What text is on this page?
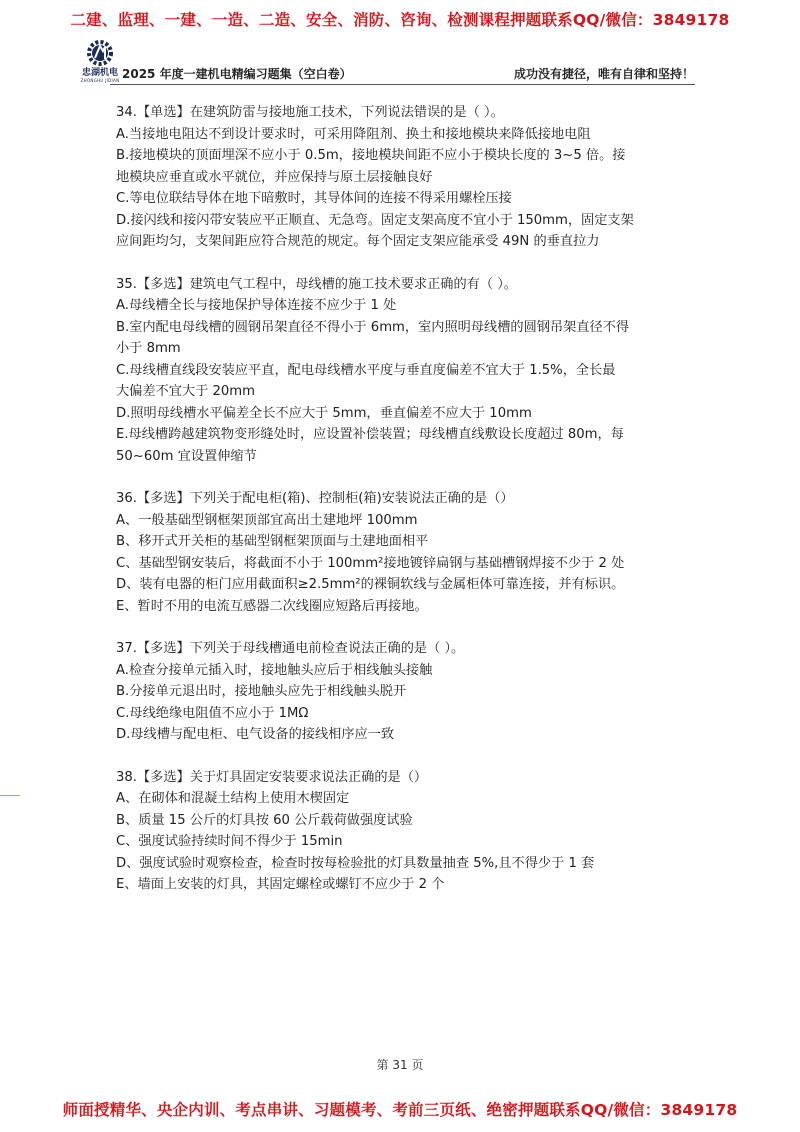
二建、监理、一建、一造、二造、安全、消防、咨询、检测课程押题联系QQ/微信：3849178
忠湖机电
ZHONGHU JIDIAN 2025 年度一建机电精编习题集（空白卷）	成功没有捷径，唯有自律和坚持！
34.【单选】在建筑防雷与接地施工技术，下列说法错误的是（ ）。
A.当接地电阻达不到设计要求时，可采用降阻剂、换土和接地模块来降低接地电阻
B.接地模块的顶面埋深不应小于 0.5m，接地模块间距不应小于模块长度的 3~5 倍。接
地模块应垂直或水平就位，并应保持与原土层接触良好
C.等电位联结导体在地下暗敷时，其导体间的连接不得采用螺栓压接
D.接闪线和接闪带安装应平正顺直、无急弯。固定支架高度不宜小于 150mm，固定支架
应间距均匀，支架间距应符合规范的规定。每个固定支架应能承受 49N 的垂直拉力
35.【多选】建筑电气工程中，母线槽的施工技术要求正确的有（ ）。
A.母线槽全长与接地保护导体连接不应少于 1 处
B.室内配电母线槽的圆钢吊架直径不得小于 6mm，室内照明母线槽的圆钢吊架直径不得
小于 8mm
C.母线槽直线段安装应平直，配电母线槽水平度与垂直度偏差不宜大于 1.5%，全长最
大偏差不宜大于 20mm
D.照明母线槽水平偏差全长不应大于 5mm，垂直偏差不应大于 10mm
E.母线槽跨越建筑物变形缝处时，应设置补偿装置；母线槽直线敷设长度超过 80m，每
50~60m 宜设置伸缩节
36.【多选】下列关于配电柜(箱)、控制柜(箱)安装说法正确的是（）
A、一般基础型钢框架顶部宜高出土建地坪 100mm
B、移开式开关柜的基础型钢框架顶面与土建地面相平
C、基础型钢安装后，将截面不小于 100mm²接地镀锌扁钢与基础槽钢焊接不少于 2 处
D、装有电器的柜门应用截面积≥2.5mm²的裸铜软线与金属柜体可靠连接，并有标识。
E、暂时不用的电流互感器二次线圈应短路后再接地。
37.【多选】下列关于母线槽通电前检查说法正确的是（ ）。
A.检查分接单元插入时，接地触头应后于相线触头接触
B.分接单元退出时，接地触头应先于相线触头脱开
C.母线绝缘电阻值不应小于 1MΩ
D.母线槽与配电柜、电气设备的接线相序应一致
38.【多选】关于灯具固定安装要求说法正确的是（）
A、在砌体和混凝土结构上使用木楔固定
B、质量 15 公斤的灯具按 60 公斤载荷做强度试验
C、强度试验持续时间不得少于 15min
D、强度试验时观察检查，检查时按每检验批的灯具数量抽查 5%,且不得少于 1 套
E、墙面上安装的灯具，其固定螺栓或螺钉不应少于 2 个
第 31 页
师面授精华、央企内训、考点串讲、习题模考、考前三页纸、绝密押题联系QQ/微信：3849178
